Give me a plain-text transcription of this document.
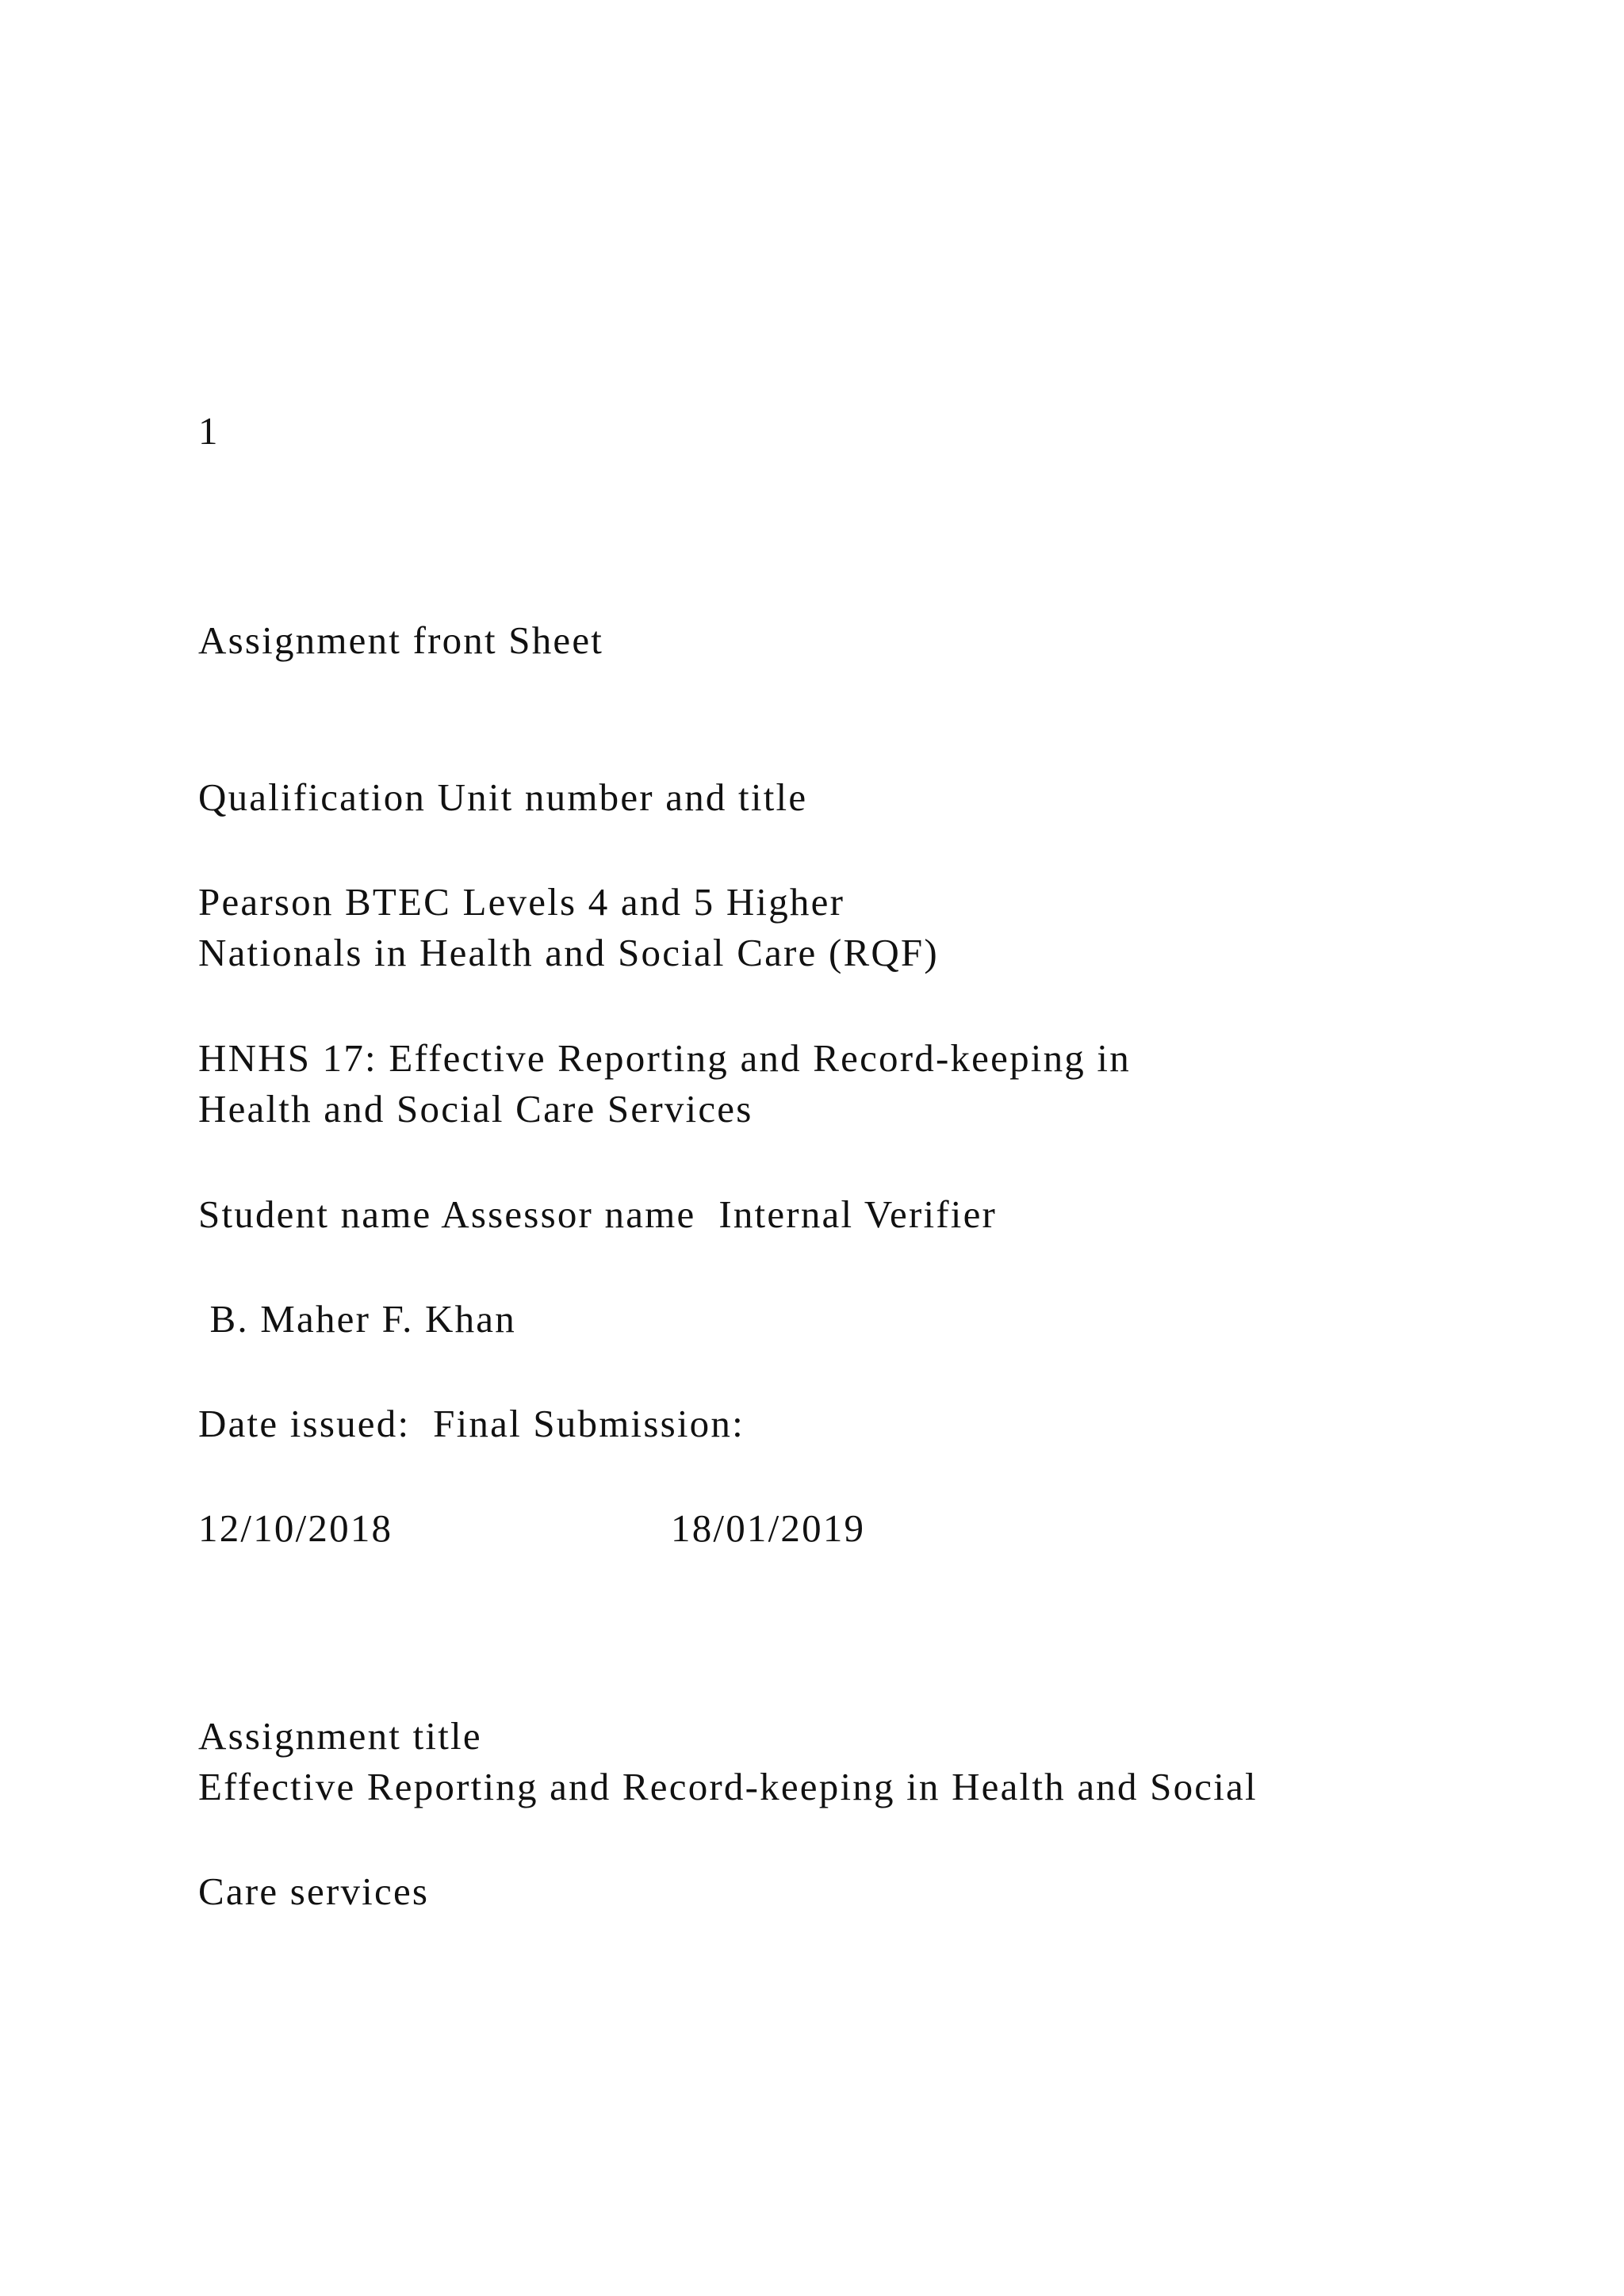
1

Assignment front Sheet

Qualification Unit number and title

Pearson BTEC Levels 4 and 5 Higher

Nationals in Health and Social Care (RQF)

HNHS 17: Effective Reporting and Record-keeping in

Health and Social Care Services

Student name Assessor name  Internal Verifier

B. Maher F. Khan

Date issued:  Final Submission:

12/10/2018	18/01/2019

Assignment title

Effective Reporting and Record-keeping in Health and Social

Care services
